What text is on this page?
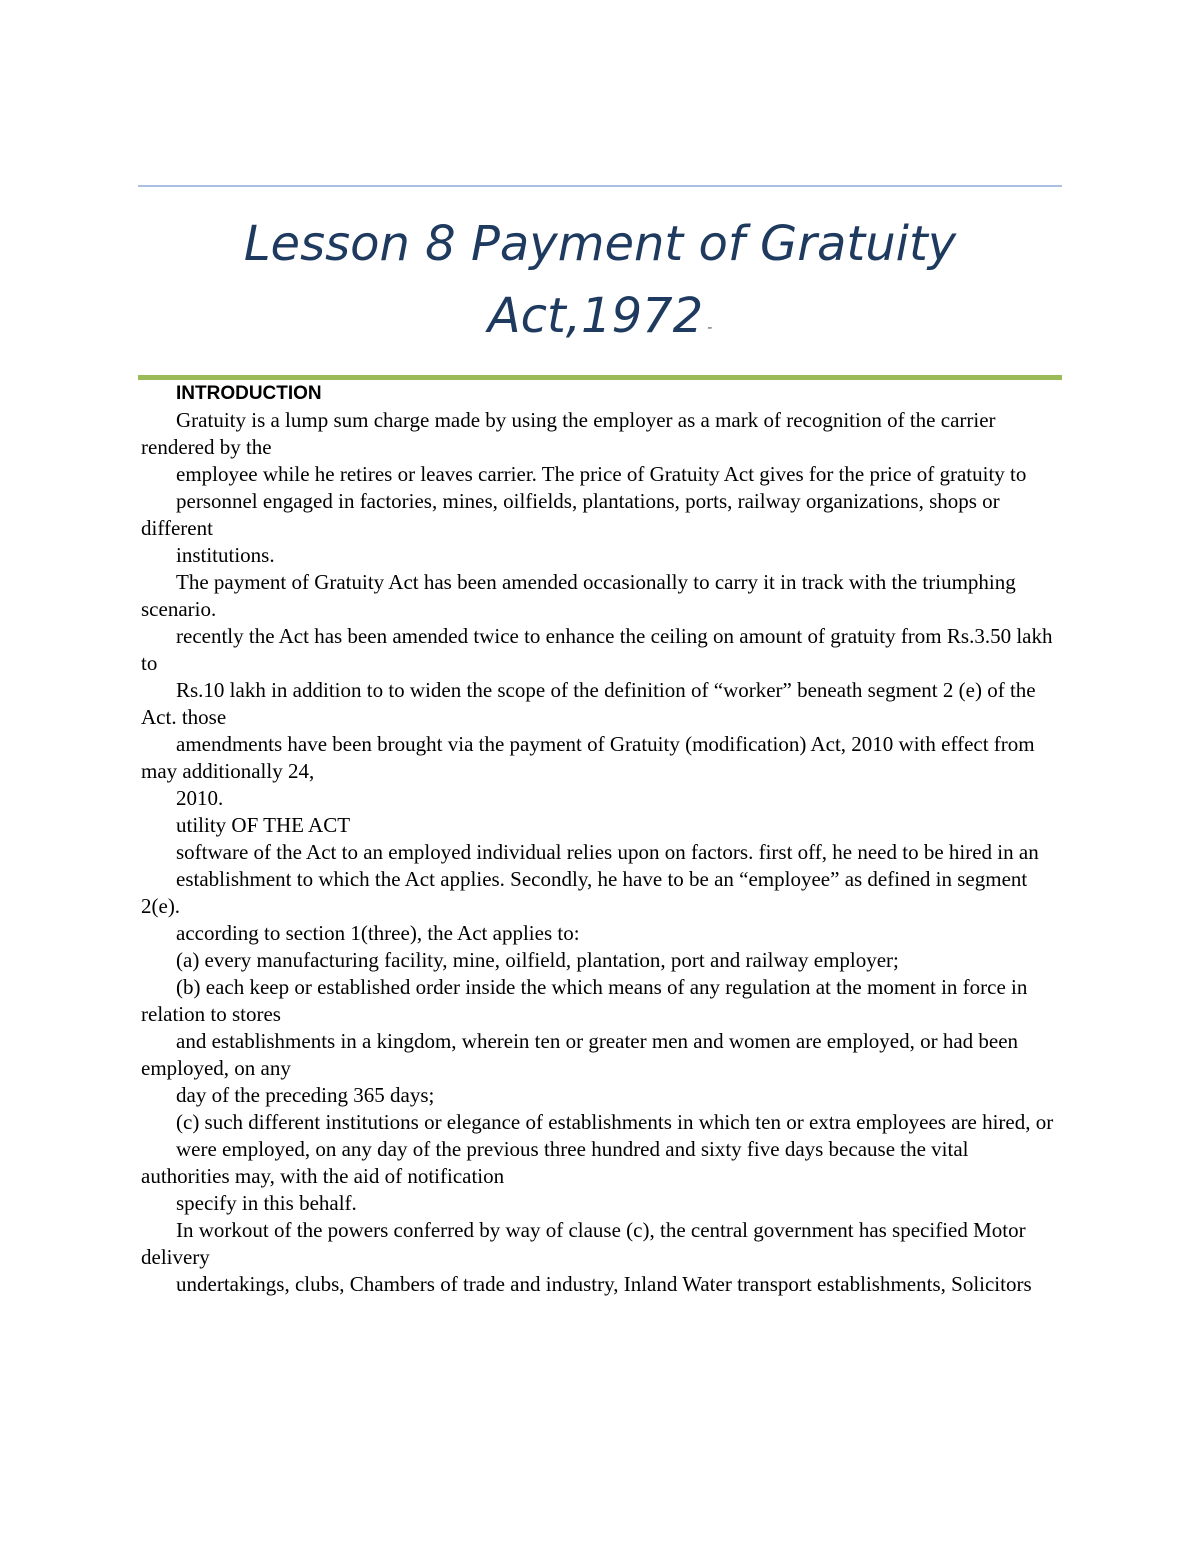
Lesson 8 Payment of Gratuity
Act,1972 -
INTRODUCTION

Gratuity is a lump sum charge made by using the employer as a mark of recognition of the carrier rendered by the

employee while he retires or leaves carrier. The price of Gratuity Act gives for the price of gratuity to

personnel engaged in factories, mines, oilfields, plantations, ports, railway organizations, shops or different

institutions.

The payment of Gratuity Act has been amended occasionally to carry it in track with the triumphing scenario.

recently the Act has been amended twice to enhance the ceiling on amount of gratuity from Rs.3.50 lakh to

Rs.10 lakh in addition to to widen the scope of the definition of “worker” beneath segment 2 (e) of the Act. those

amendments have been brought via the payment of Gratuity (modification) Act, 2010 with effect from may additionally 24,

2010.

utility OF THE ACT

software of the Act to an employed individual relies upon on factors. first off, he need to be hired in an

establishment to which the Act applies. Secondly, he have to be an “employee” as defined in segment 2(e).

according to section 1(three), the Act applies to:

(a) every manufacturing facility, mine, oilfield, plantation, port and railway employer;

(b) each keep or established order inside the which means of any regulation at the moment in force in relation to stores

and establishments in a kingdom, wherein ten or greater men and women are employed, or had been employed, on any

day of the preceding 365 days;

(c) such different institutions or elegance of establishments in which ten or extra employees are hired, or

were employed, on any day of the previous three hundred and sixty five days because the vital authorities may, with the aid of notification

specify in this behalf.

In workout of the powers conferred by way of clause (c), the central government has specified Motor delivery

undertakings, clubs, Chambers of trade and industry, Inland Water transport establishments, Solicitors
